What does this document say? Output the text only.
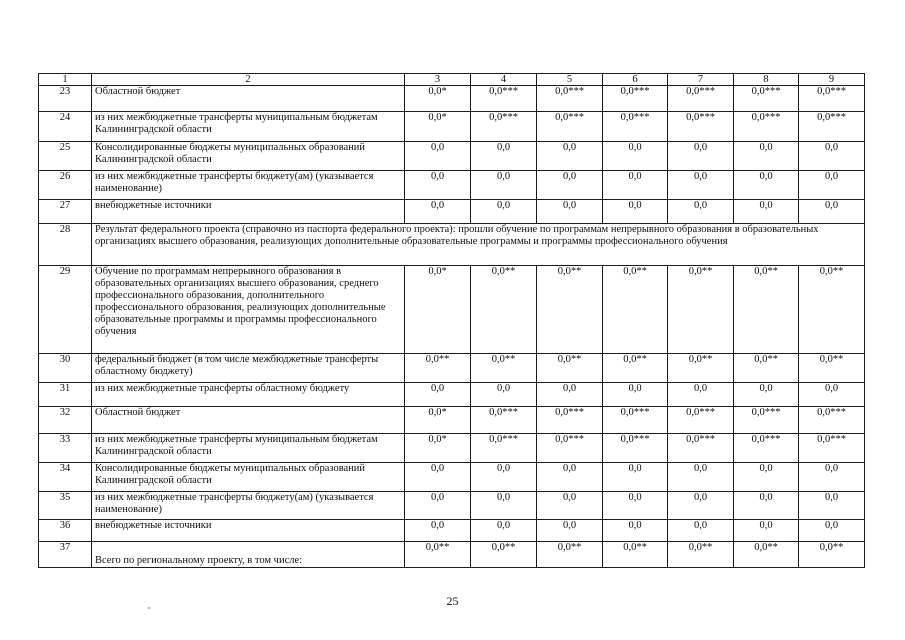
1	2	3	4	5	6	7	8	9
23	Областной бюджет	0,0*	0,0***	0,0***	0,0***	0,0***	0,0***	0,0***
24	из них межбюджетные трансферты муниципальным бюджетам Калининградской области	0,0*	0,0***	0,0***	0,0***	0,0***	0,0***	0,0***
25	Консолидированные бюджеты муниципальных образований Калининградской области	0,0	0,0	0,0	0,0	0,0	0,0	0,0
26	из них межбюджетные трансферты бюджету(ам) (указывается наименование)	0,0	0,0	0,0	0,0	0,0	0,0	0,0
27	внебюджетные источники	0,0	0,0	0,0	0,0	0,0	0,0	0,0
28	Результат федерального проекта (справочно из паспорта федерального проекта): прошли обучение по программам непрерывного образования в образовательных организациях высшего образования, реализующих дополнительные образовательные программы и программы профессионального обучения							
29	Обучение по программам непрерывного образования в образовательных организациях высшего образования, среднего профессионального образования, дополнительного профессионального образования, реализующих дополнительные образовательные программы и программы профессионального обучения	0,0*	0,0**	0,0**	0,0**	0,0**	0,0**	0,0**
30	федеральный бюджет (в том числе межбюджетные трансферты областному бюджету)	0,0**	0,0**	0,0**	0,0**	0,0**	0,0**	0,0**
31	из них межбюджетные трансферты областному бюджету	0,0	0,0	0,0	0,0	0,0	0,0	0,0
32	Областной бюджет	0,0*	0,0***	0,0***	0,0***	0,0***	0,0***	0,0***
33	из них межбюджетные трансферты муниципальным бюджетам Калининградской области	0,0*	0,0***	0,0***	0,0***	0,0***	0,0***	0,0***
34	Консолидированные бюджеты муниципальных образований Калининградской области	0,0	0,0	0,0	0,0	0,0	0,0	0,0
35	из них межбюджетные трансферты бюджету(ам) (указывается наименование)	0,0	0,0	0,0	0,0	0,0	0,0	0,0
36	внебюджетные источники	0,0	0,0	0,0	0,0	0,0	0,0	0,0
37	Всего по региональному проекту, в том числе:	0,0**	0,0**	0,0**	0,0**	0,0**	0,0**	0,0**
25
